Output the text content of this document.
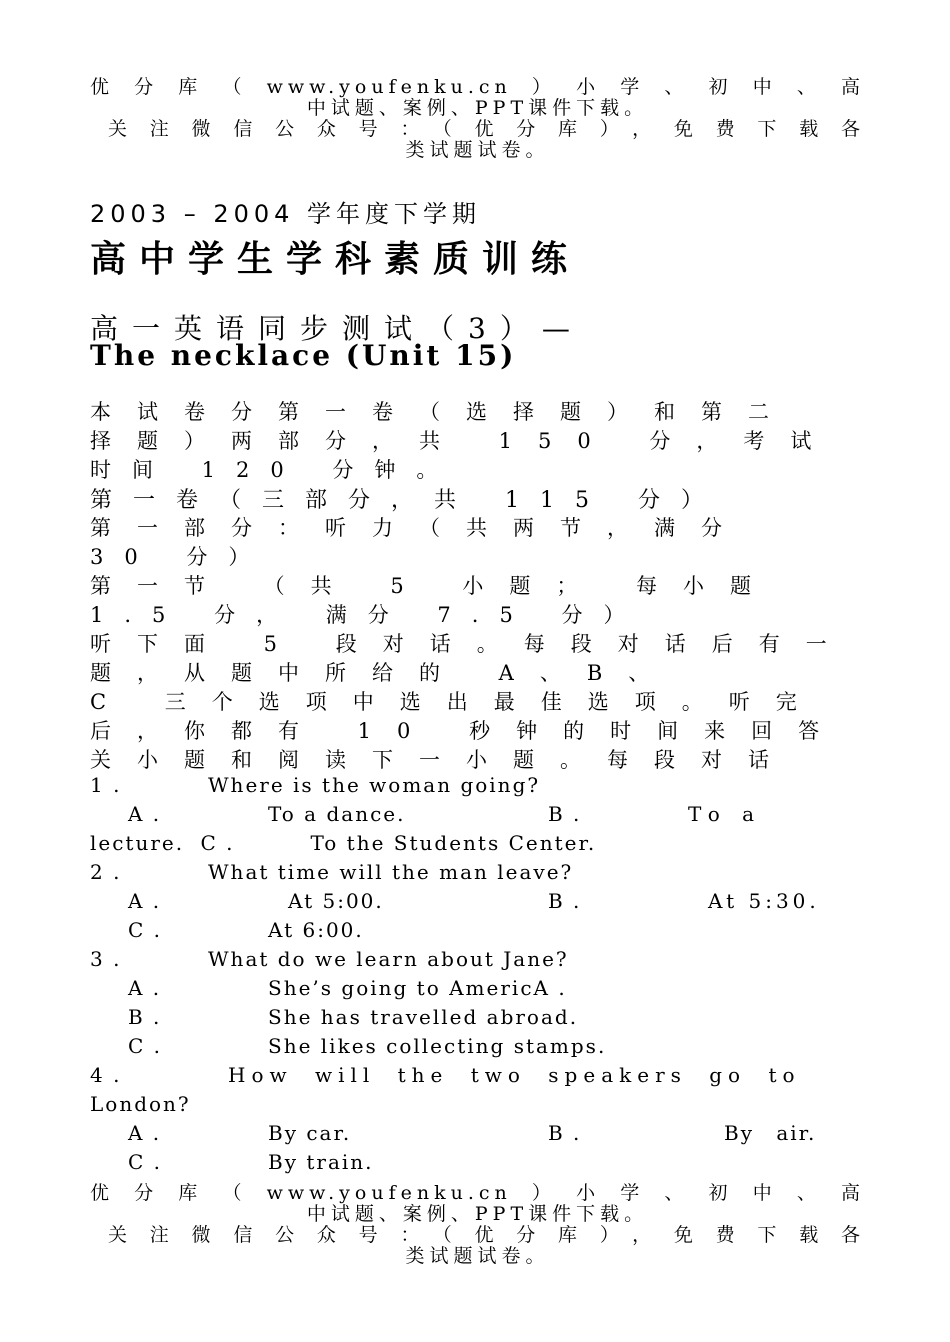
优分库（www.youfenku.cn）小学、初中、高
中试题、案例、PPT课件下载。
关注微信公众号：（优分库），免费下载各
类试题试卷。
2003 – 2004 学年度下学期
高中学生学科素质训练
高一英语同步测试（3）—
The necklace (Unit 15)
本试卷分第一卷（选择题）和第二
择题）两部分，共 150 分，考试
时间 120 分钟。
第一卷（三部分，共 115 分）
第一部分：听力（共两节，满分
30 分）
第一节 （共 5 小题； 每小题
1.5 分， 满分 7.5 分）
听下面 5 段对话。每段对话后有一
题，从题中所给的 A、B、
C 三个选项中选出最佳选项。听完
后，你都有 10 秒钟的时间来回答
关小题和阅读下一小题。每段对话
1 .	Where is the woman going?
A .	To a dance.	B .	To a
lecture. C .	To the Students Center.
2 .	What time will the man leave?
A .	At 5:00.	B .	At 5:30.
C .	At 6:00.
3 .	What do we learn about Jane?
A .	She’s going to AmericA .
B .	She has travelled abroad.
C .	She likes collecting stamps.
4 .	How will the two speakers go to
London?
A .	By car.	B .	By air.
C .	By train.
优分库（www.youfenku.cn）小学、初中、高
中试题、案例、PPT课件下载。
关注微信公众号：（优分库），免费下载各
类试题试卷。
